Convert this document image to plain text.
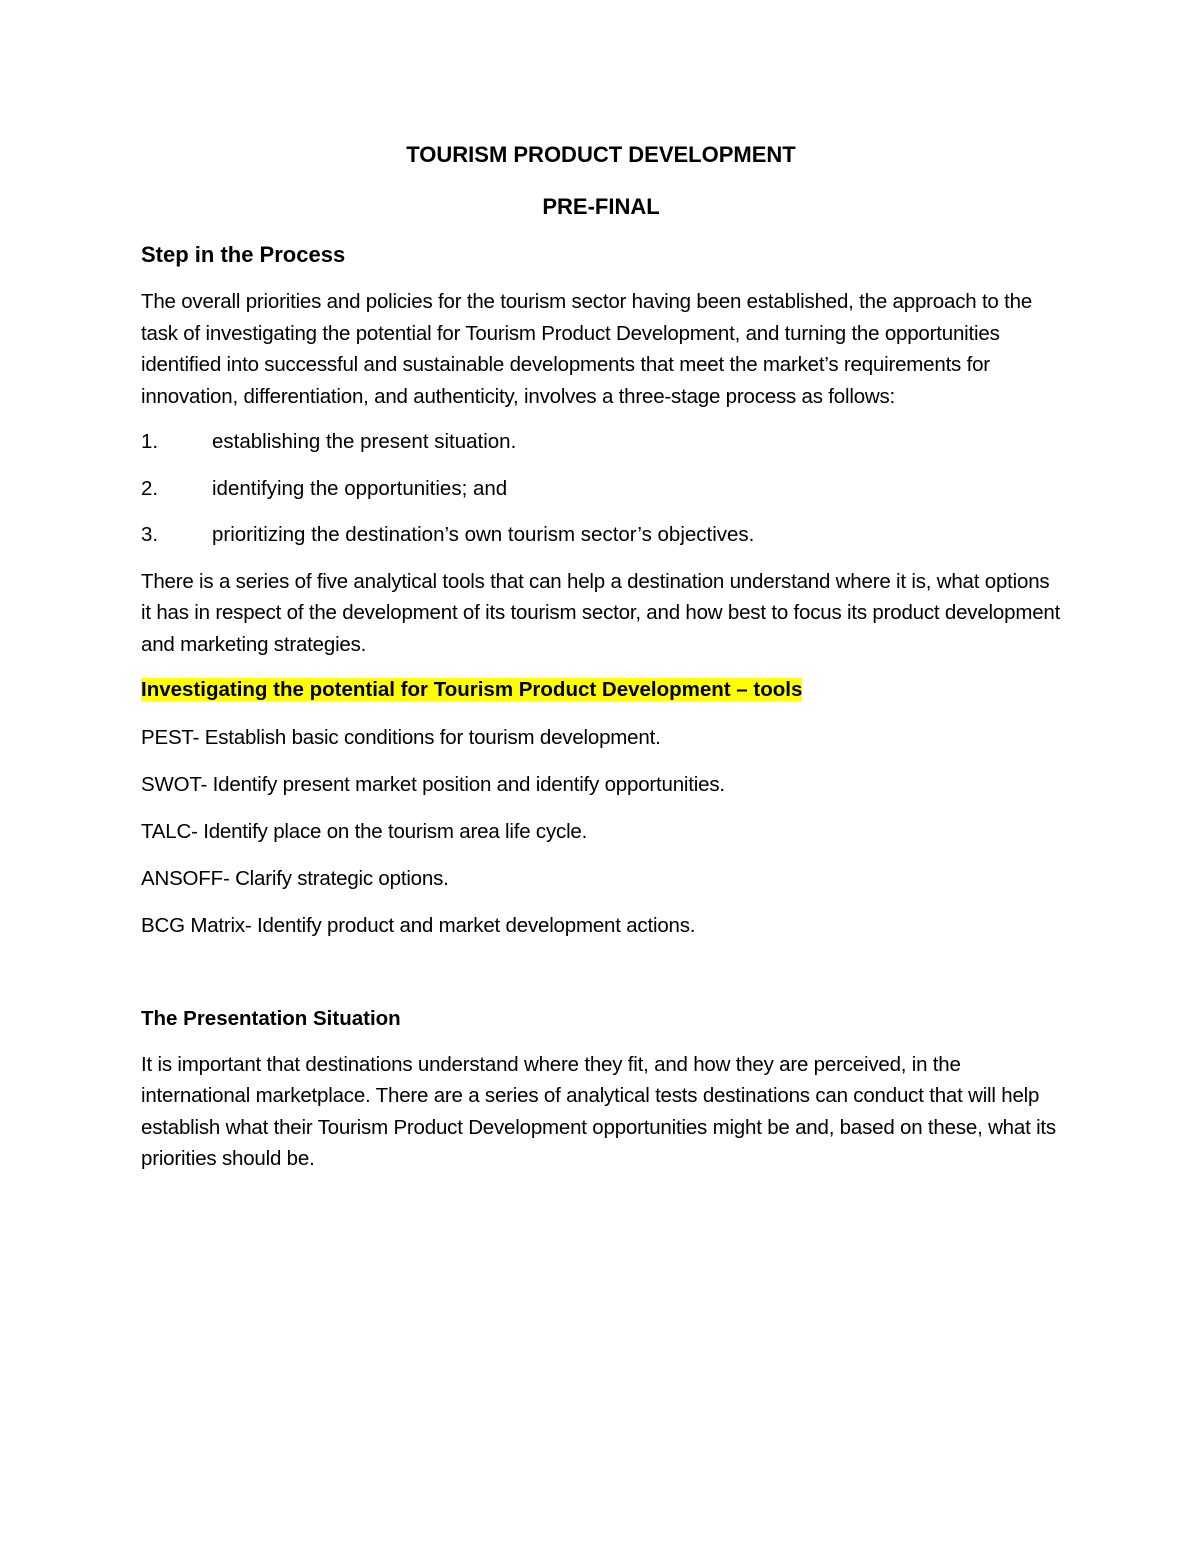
TOURISM PRODUCT DEVELOPMENT
PRE-FINAL
Step in the Process
The overall priorities and policies for the tourism sector having been established, the approach to the task of investigating the potential for Tourism Product Development, and turning the opportunities identified into successful and sustainable developments that meet the market’s requirements for innovation, differentiation, and authenticity, involves a three-stage process as follows:
1.	establishing the present situation.
2.	identifying the opportunities; and
3.	prioritizing the destination’s own tourism sector’s objectives.
There is a series of five analytical tools that can help a destination understand where it is, what options it has in respect of the development of its tourism sector, and how best to focus its product development and marketing strategies.
Investigating the potential for Tourism Product Development – tools
PEST- Establish basic conditions for tourism development.
SWOT- Identify present market position and identify opportunities.
TALC- Identify place on the tourism area life cycle.
ANSOFF- Clarify strategic options.
BCG Matrix- Identify product and market development actions.
The Presentation Situation
It is important that destinations understand where they fit, and how they are perceived, in the international marketplace. There are a series of analytical tests destinations can conduct that will help establish what their Tourism Product Development opportunities might be and, based on these, what its priorities should be.
